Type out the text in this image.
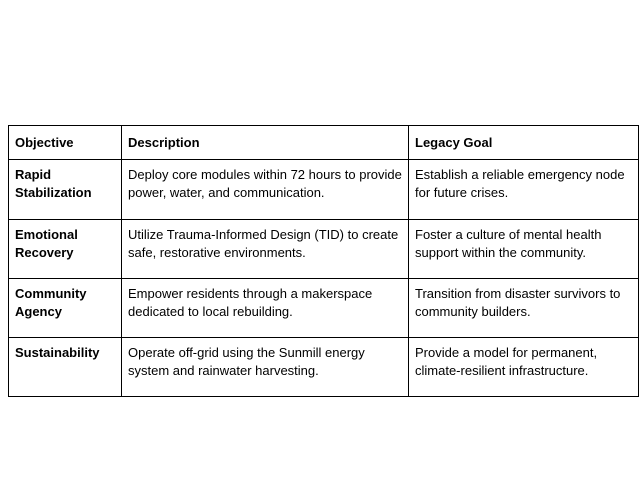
Objective	Description	Legacy Goal
Rapid Stabilization	Deploy core modules within 72 hours to provide power, water, and communication.	Establish a reliable emergency node for future crises.
Emotional Recovery	Utilize Trauma-Informed Design (TID) to create safe, restorative environments.	Foster a culture of mental health support within the community.
Community Agency	Empower residents through a makerspace dedicated to local rebuilding.	Transition from disaster survivors to community builders.
Sustainability	Operate off-grid using the Sunmill energy system and rainwater harvesting.	Provide a model for permanent, climate-resilient infrastructure.
